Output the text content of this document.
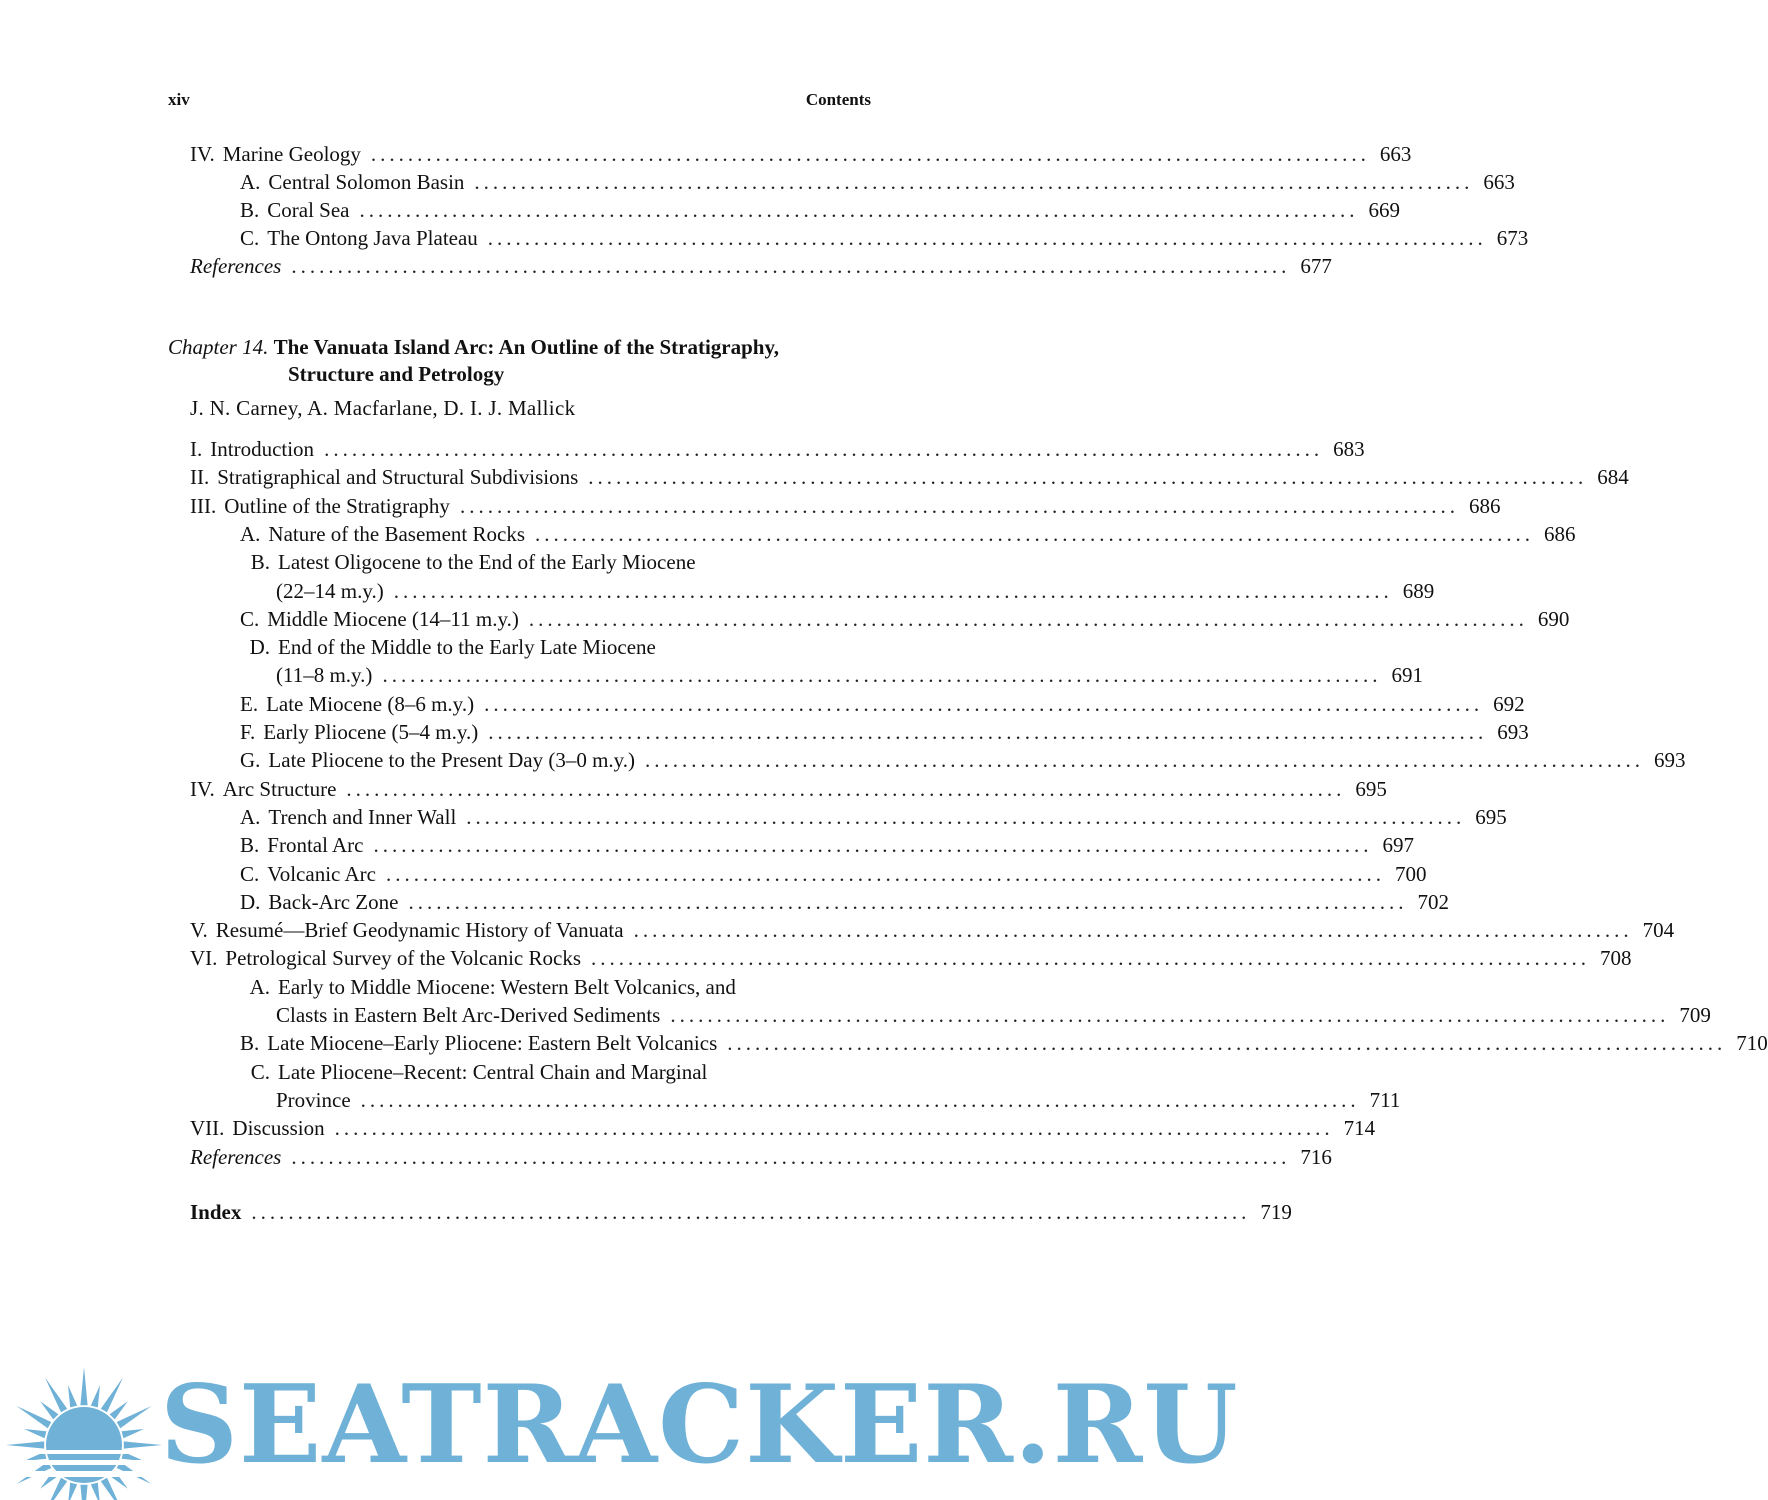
xiv	Contents
IV. Marine Geology ............................................................................................................ 663
A. Central Solomon Basin ............................................................................................................ 663
B. Coral Sea ............................................................................................................ 669
C. The Ontong Java Plateau ............................................................................................................ 673
References ............................................................................................................ 677
Chapter 14. The Vanuata Island Arc: An Outline of the Stratigraphy,
Structure and Petrology
J. N. Carney, A. Macfarlane, D. I. J. Mallick
I. Introduction ............................................................................................................ 683
II. Stratigraphical and Structural Subdivisions ............................................................................................................ 684
III. Outline of the Stratigraphy ............................................................................................................ 686
A. Nature of the Basement Rocks ............................................................................................................ 686
B. Latest Oligocene to the End of the Early Miocene
(22–14 m.y.) ............................................................................................................ 689
C. Middle Miocene (14–11 m.y.) ............................................................................................................ 690
D. End of the Middle to the Early Late Miocene
(11–8 m.y.) ............................................................................................................ 691
E. Late Miocene (8–6 m.y.) ............................................................................................................ 692
F. Early Pliocene (5–4 m.y.) ............................................................................................................ 693
G. Late Pliocene to the Present Day (3–0 m.y.) ............................................................................................................ 693
IV. Arc Structure ............................................................................................................ 695
A. Trench and Inner Wall ............................................................................................................ 695
B. Frontal Arc ............................................................................................................ 697
C. Volcanic Arc ............................................................................................................ 700
D. Back-Arc Zone ............................................................................................................ 702
V. Resumé—Brief Geodynamic History of Vanuata ............................................................................................................ 704
VI. Petrological Survey of the Volcanic Rocks ............................................................................................................ 708
A. Early to Middle Miocene: Western Belt Volcanics, and
Clasts in Eastern Belt Arc-Derived Sediments ............................................................................................................ 709
B. Late Miocene–Early Pliocene: Eastern Belt Volcanics ............................................................................................................ 710
C. Late Pliocene–Recent: Central Chain and Marginal
Province ............................................................................................................ 711
VII. Discussion ............................................................................................................ 714
References ............................................................................................................ 716
Index ............................................................................................................ 719
SEATRACKER.RU
